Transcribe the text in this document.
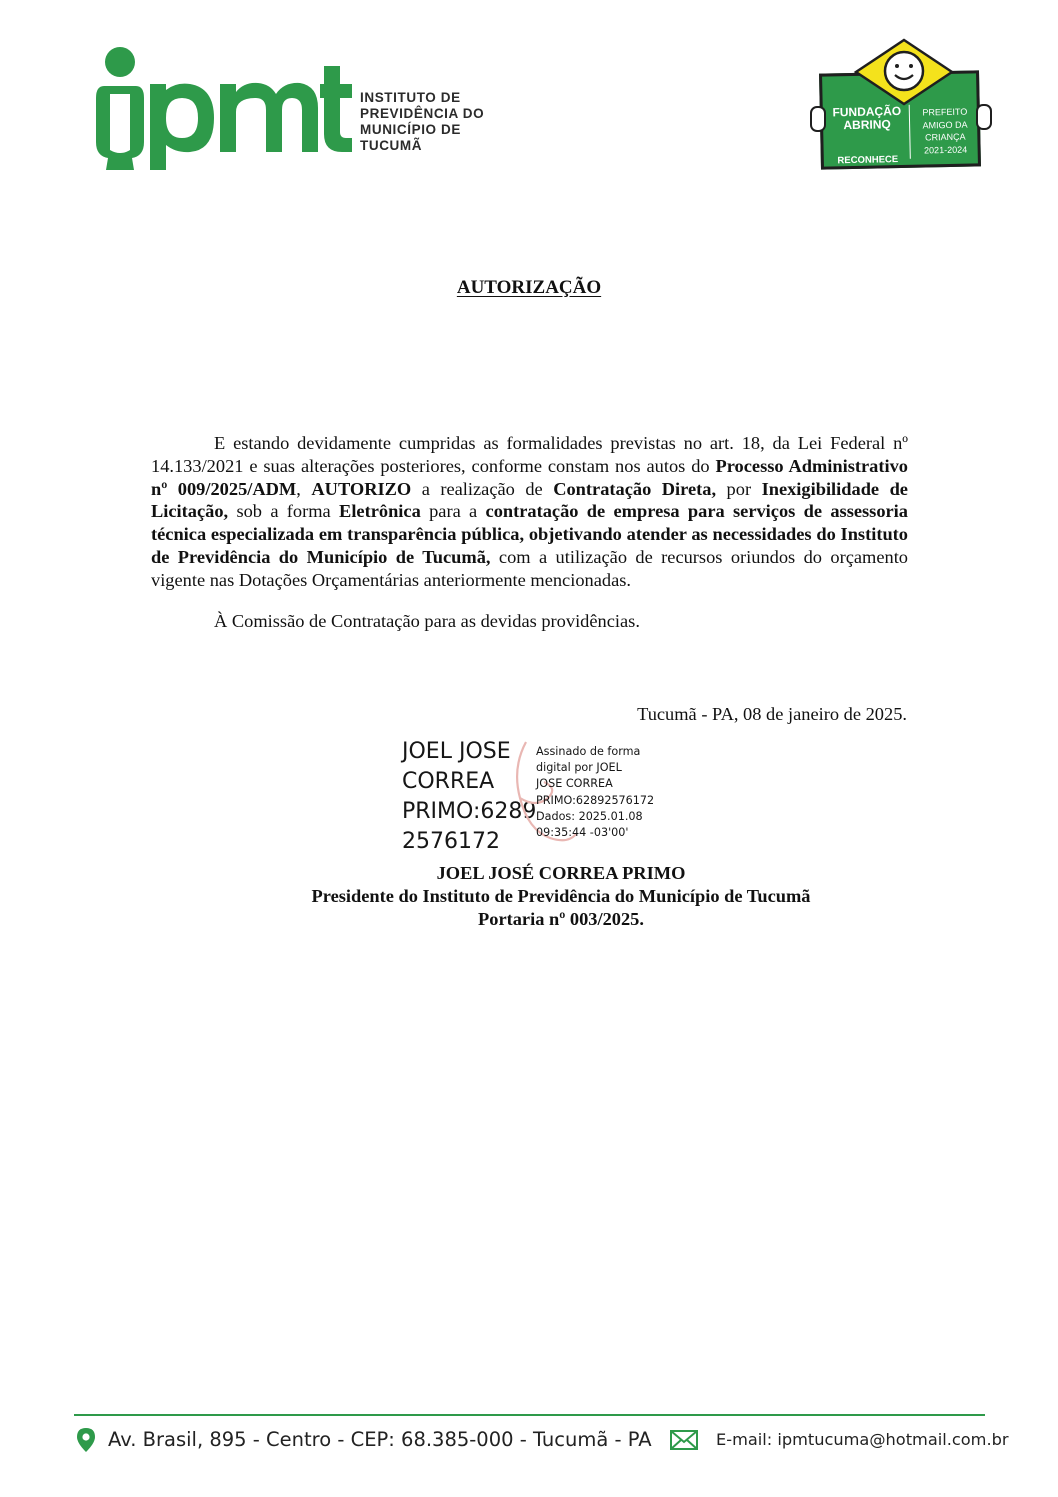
INSTITUTO DE
PREVIDÊNCIA DO
MUNICÍPIO DE
TUCUMÃ
FUNDAÇÃO
ABRINQ
RECONHECE
PREFEITO
AMIGO DA
CRIANÇA
2021-2024
AUTORIZAÇÃO
E estando devidamente cumpridas as formalidades previstas no art. 18, da Lei Federal nº 14.133/2021 e suas alterações posteriores, conforme constam nos autos do Processo Administrativo nº 009/2025/ADM, AUTORIZO a realização de Contratação Direta, por Inexigibilidade de Licitação, sob a forma Eletrônica para a contratação de empresa para serviços de assessoria técnica especializada em transparência pública, objetivando atender as necessidades do Instituto de Previdência do Município de Tucumã, com a utilização de recursos oriundos do orçamento vigente nas Dotações Orçamentárias anteriormente mencionadas.
À Comissão de Contratação para as devidas providências.
Tucumã - PA, 08 de janeiro de 2025.
JOEL JOSE
CORREA
PRIMO:6289
2576172
Assinado de forma
digital por JOEL
JOSE CORREA
PRIMO:62892576172
Dados: 2025.01.08
09:35:44 -03'00'
JOEL JOSÉ CORREA PRIMO
Presidente do Instituto de Previdência do Município de Tucumã
Portaria nº 003/2025.
Av. Brasil, 895 - Centro - CEP: 68.385-000 - Tucumã - PA	E-mail: ipmtucuma@hotmail.com.br
